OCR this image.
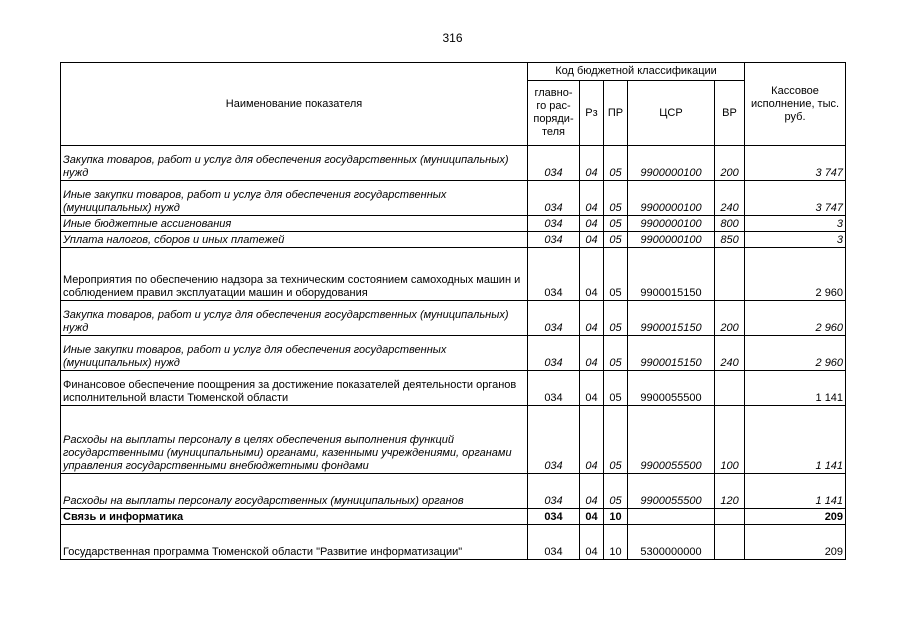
316
Наименование показателя	Код бюджетной классификации					Кассовое исполнение, тыс. руб.
	главно-го рас-поряди-теля	Рз	ПР	ЦСР	ВР	
Закупка товаров, работ и услуг для обеспечения государственных (муниципальных) нужд	034	04	05	9900000100	200	3 747
Иные закупки товаров, работ и услуг для обеспечения государственных (муниципальных) нужд	034	04	05	9900000100	240	3 747
Иные бюджетные ассигнования	034	04	05	9900000100	800	3
Уплата налогов, сборов и иных платежей	034	04	05	9900000100	850	3
Мероприятия по обеспечению надзора за техническим состоянием самоходных машин и соблюдением правил эксплуатации машин и оборудования	034	04	05	9900015150		2 960
Закупка товаров, работ и услуг для обеспечения государственных (муниципальных) нужд	034	04	05	9900015150	200	2 960
Иные закупки товаров, работ и услуг для обеспечения государственных (муниципальных) нужд	034	04	05	9900015150	240	2 960
Финансовое обеспечение поощрения за достижение показателей деятельности органов исполнительной власти Тюменской области	034	04	05	9900055500		1 141
Расходы на выплаты персоналу в целях обеспечения выполнения функций государственными (муниципальными) органами, казенными учреждениями, органами управления государственными внебюджетными фондами	034	04	05	9900055500	100	1 141
Расходы на выплаты персоналу государственных (муниципальных) органов	034	04	05	9900055500	120	1 141
Связь и информатика	034	04	10			209
Государственная программа Тюменской области "Развитие информатизации"	034	04	10	5300000000		209
